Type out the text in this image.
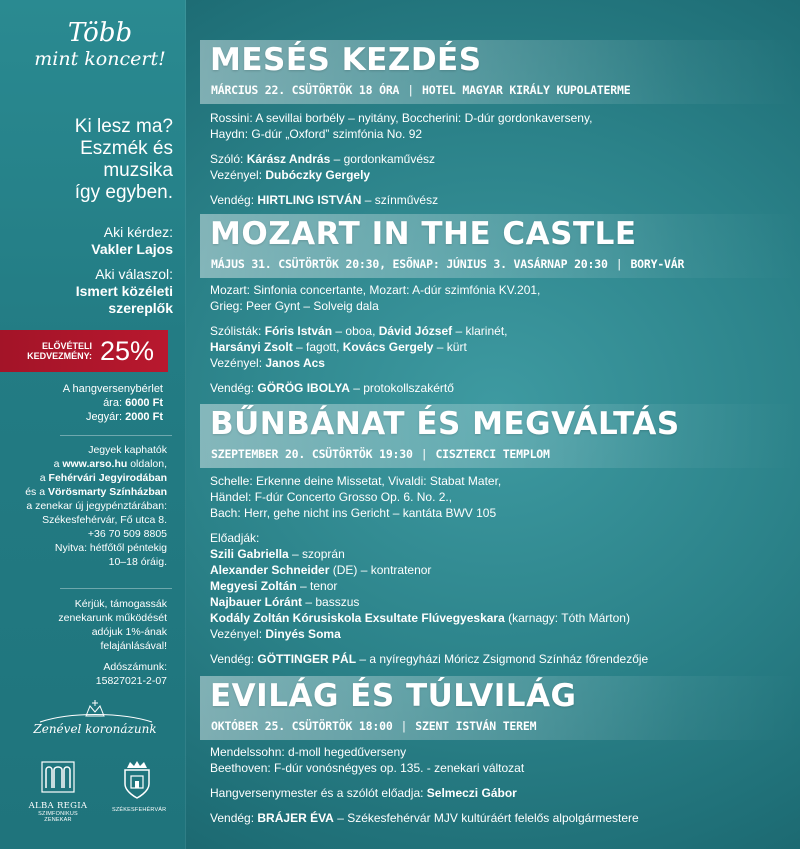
Több
mint koncert!
Ki lesz ma?
Eszmék és
muzsika
így egyben.
Aki kérdez:
Vakler Lajos
Aki válaszol:
Ismert közéleti
szereplők
ELŐVÉTELI
KEDVEZMÉNY: 25%
A hangversenybérlet
ára: 6000 Ft
Jegyár: 2000 Ft
Jegyek kaphatók
a www.arso.hu oldalon,
a Fehérvári Jegyirodában
és a Vörösmarty Színházban
a zenekar új jegypénztárában:
Székesfehérvár, Fő utca 8.
+36 70 509 8805
Nyitva: hétfőtől péntekig
10–18 óráig.
Kérjük, támogassák
zenekarunk működését
adójuk 1%-ának
felajánlásával!
Adószámunk:
15827021-2-07
Zenével koronázunk
ALBA REGIA
SZIMFONIKUS ZENEKAR
SZÉKESFEHÉRVÁR
MESÉS KEZDÉS
MÁRCIUS 22. CSÜTÖRTÖK 18 ÓRA | HOTEL MAGYAR KIRÁLY KUPOLATERME
Rossini: A sevillai borbély – nyitány, Boccherini: D-dúr gordonkaverseny,
Haydn: G-dúr „Oxford” szimfónia No. 92
Szóló: Kárász András – gordonkaművész
Vezényel: Dubóczky Gergely
Vendég: HIRTLING ISTVÁN – színművész
MOZART IN THE CASTLE
MÁJUS 31. CSÜTÖRTÖK 20:30, ESŐNAP: JÚNIUS 3. VASÁRNAP 20:30 | BORY-VÁR
Mozart: Sinfonia concertante, Mozart: A-dúr szimfónia KV.201,
Grieg: Peer Gynt – Solveig dala
Szólisták: Fóris István – oboa, Dávid József – klarinét,
Harsányi Zsolt – fagott, Kovács Gergely – kürt
Vezényel: Janos Acs
Vendég: GÖRÖG IBOLYA – protokollszakértő
BŰNBÁNAT ÉS MEGVÁLTÁS
SZEPTEMBER 20. CSÜTÖRTÖK 19:30 | CISZTERCI TEMPLOM
Schelle: Erkenne deine Missetat, Vivaldi: Stabat Mater,
Händel: F-dúr Concerto Grosso Op. 6. No. 2.,
Bach: Herr, gehe nicht ins Gericht – kantáta BWV 105
Előadják:
Szili Gabriella – szoprán
Alexander Schneider (DE) – kontratenor
Megyesi Zoltán – tenor
Najbauer Lóránt – basszus
Kodály Zoltán Kórusiskola Exsultate Flúvegyeskara (karnagy: Tóth Márton)
Vezényel: Dinyés Soma
Vendég: GÖTTINGER PÁL – a nyíregyházi Móricz Zsigmond Színház főrendezője
EVILÁG ÉS TÚLVILÁG
OKTÓBER 25. CSÜTÖRTÖK 18:00 | SZENT ISTVÁN TEREM
Mendelssohn: d-moll hegedűverseny
Beethoven: F-dúr vonósnégyes op. 135. - zenekari változat
Hangversenymester és a szólót előadja: Selmeczi Gábor
Vendég: BRÁJER ÉVA – Székesfehérvár MJV kultúráért felelős alpolgármestere
